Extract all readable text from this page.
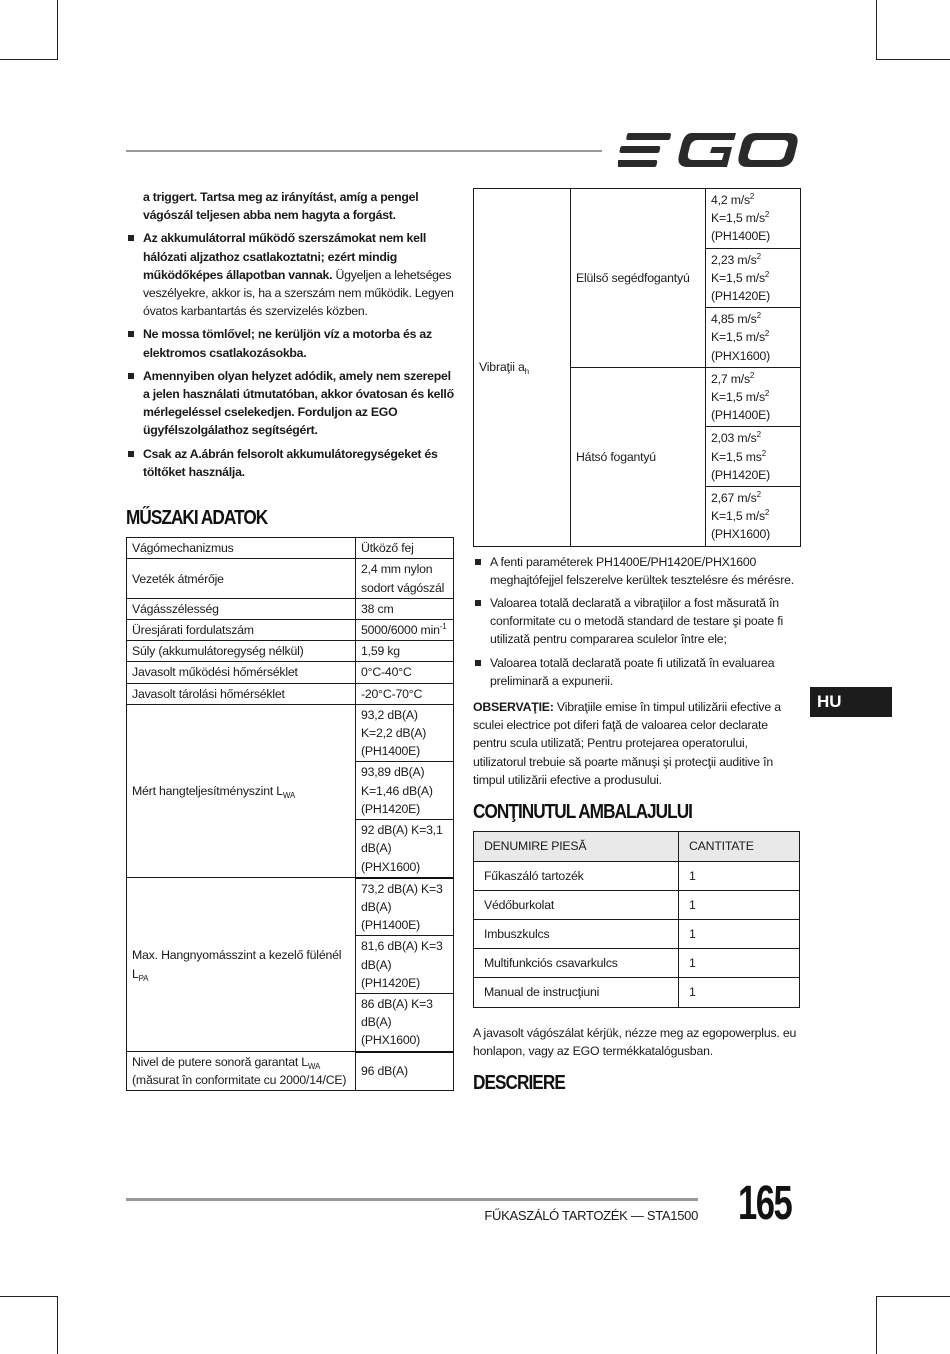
a triggert. Tartsa meg az irányítást, amíg a pengel vágószál teljesen abba nem hagyta a forgást.

Az akkumulátorral működő szerszámokat nem kell hálózati aljzathoz csatlakoztatni; ezért mindig működőképes állapotban vannak. Ügyeljen a lehetséges veszélyekre, akkor is, ha a szerszám nem működik. Legyen óvatos karbantartás és szervizelés közben.
Ne mossa tömlővel; ne kerüljön víz a motorba és az elektromos csatlakozásokba.
Amennyiben olyan helyzet adódik, amely nem szerepel a jelen használati útmutatóban, akkor óvatosan és kellő mérlegeléssel cselekedjen. Forduljon az EGO ügyfélszolgálathoz segítségért.
Csak az A.ábrán felsorolt akkumulátoregységeket és töltőket használja.
MŰSZAKI ADATOK
Vágómechanizmus	Ütköző fej
Vezeték átmérője	2,4 mm nylon sodort vágószál
Vágásszélesség	38 cm
Üresjárati fordulatszám	5000/6000 $\min^{-1}$
Súly (akkumulátoregység nélkül)	1,59 kg
Javasolt működési hőmérséklet	0°C-40°C
Javasolt tárolási hőmérséklet	-20°C-70°C
Mért hangteljesítményszint $L_{WA}$	93,2 dB(A) K=2,2 dB(A) (PH1400E)
	93,89 dB(A) K=1,46 dB(A) (PH1420E)
	92 dB(A) K=3,1 dB(A) (PHX1600)
Max. Hangnyomásszint a kezelő fülénél $L_{PA}$	73,2 dB(A) K=3 dB(A) (PH1400E)
	81,6 dB(A) K=3 dB(A) (PH1420E)
	86 dB(A) K=3 dB(A) (PHX1600)
Nivel de putere sonoră garantat $L_{WA}$
(măsurat în conformitate cu 2000/14/CE)	96 dB(A)
Vibraţii $a_h$	Elülső segédfogantyú	4,2 $m/s^2$
K=1,5 $m/s^2$
(PH1400E)
		2,23 $m/s^2$
K=1,5 $m/s^2$
(PH1420E)
		4,85 $m/s^2$
K=1,5 $m/s^2$
(PHX1600)
	Hátsó fogantyú	2,7 $m/s^2$
K=1,5 $m/s^2$
(PH1400E)
		2,03 $m/s^2$
K=1,5 $ms^2$
(PH1420E)
		2,67 $m/s^2$
K=1,5 $m/s^2$
(PHX1600)
A fenti paraméterek PH1400E/PH1420E/PHX1600 meghajtófejjel felszerelve kerültek tesztelésre és mérésre.
Valoarea totală declarată a vibraţiilor a fost măsurată în conformitate cu o metodă standard de testare şi poate fi utilizată pentru compararea sculelor între ele;
Valoarea totală declarată poate fi utilizată în evaluarea preliminară a expunerii.

OBSERVAŢIE: Vibraţiile emise în timpul utilizării efective a sculei electrice pot diferi faţă de valoarea celor declarate pentru scula utilizată; Pentru protejarea operatorului, utilizatorul trebuie să poarte mănuşi şi protecţii auditive în timpul utilizării efective a produsului.

CONŢINUTUL AMBALAJULUI
DENUMIRE PIESĂ	CANTITATE
Fűkaszáló tartozék	1
Védőburkolat	1
Imbuszkulcs	1
Multifunkciós csavarkulcs	1
Manual de instrucţiuni	1

A javasolt vágószálat kérjük, nézze meg az egopowerplus. eu honlapon, vagy az EGO termékkatalógusban.

DESCRIERE
HU
FŰKASZÁLÓ TARTOZÉK — STA1500 165
